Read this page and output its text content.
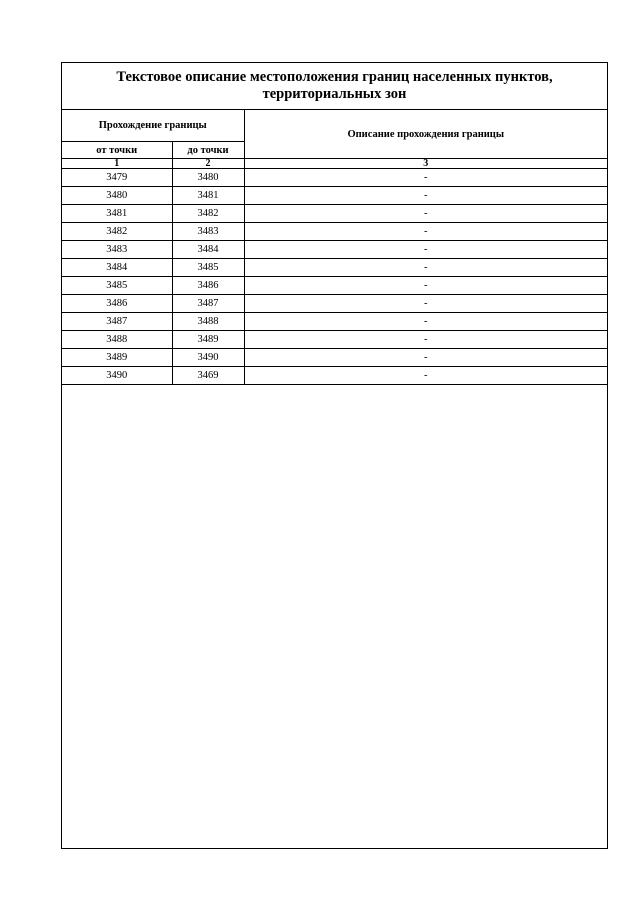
Текстовое описание местоположения границ населенных пунктов,
территориальных зон
Прохождение границы		Описание прохождения границы
от точки	до точки	
1	2	3
3479	3480	-
3480	3481	-
3481	3482	-
3482	3483	-
3483	3484	-
3484	3485	-
3485	3486	-
3486	3487	-
3487	3488	-
3488	3489	-
3489	3490	-
3490	3469	-
